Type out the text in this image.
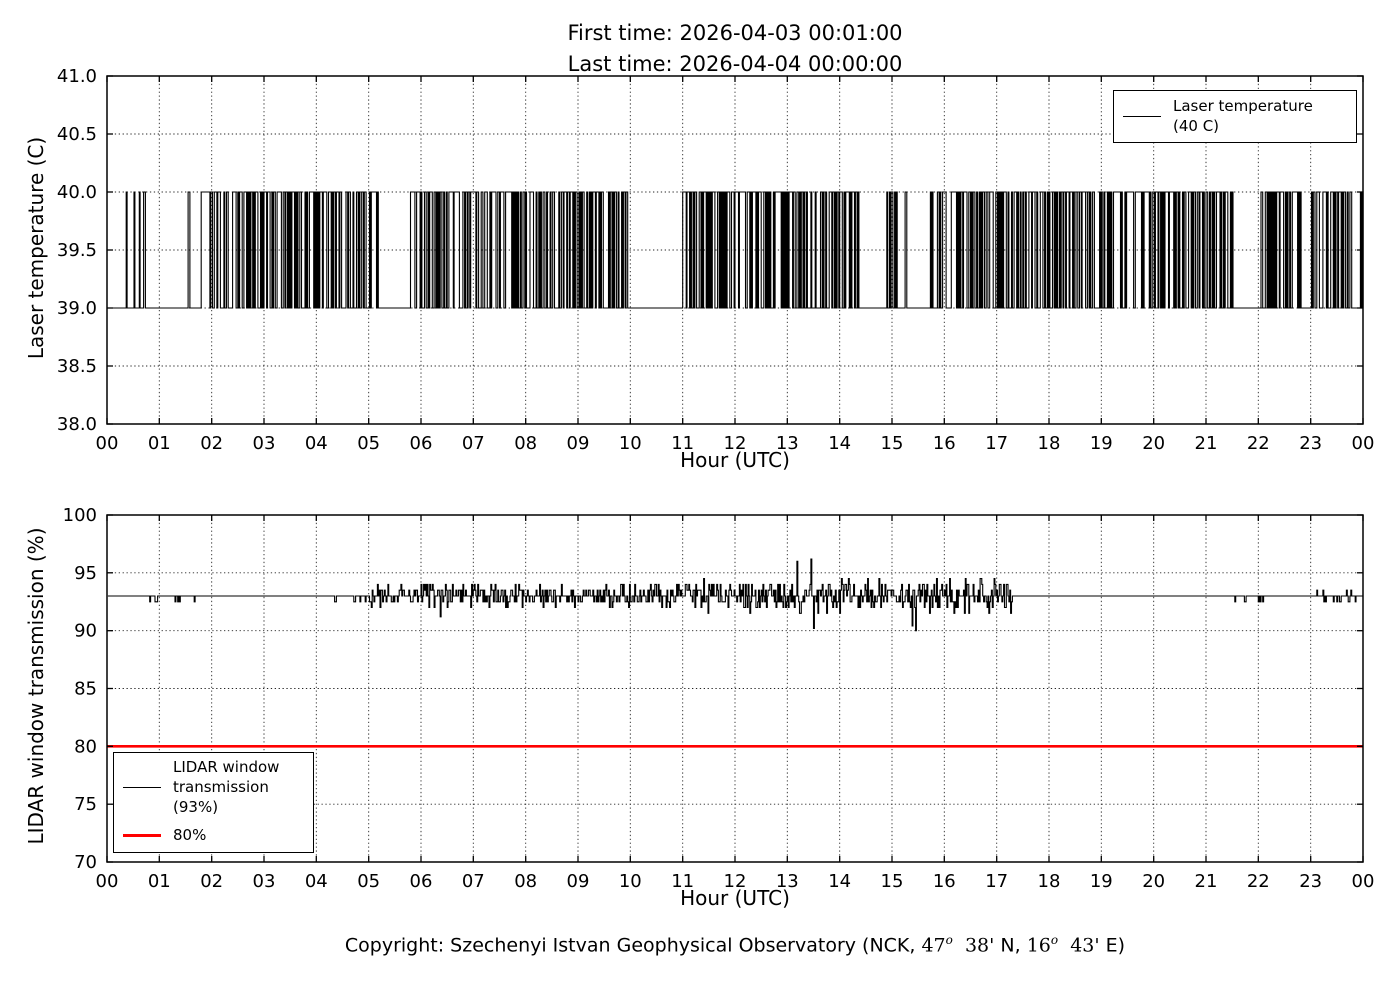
00 01 02 03 04 05 06 07 08 09 10 11 12 13 14 15 16 17 18 19 20 21 22 23 00
38.0
38.5
39.0
39.5
40.0
40.5
41.0
00 01 02 03 04 05 06 07 08 09 10 11 12 13 14 15 16 17 18 19 20 21 22 23 00
70
75
80
85
90
95
100
First time: 2026-04-03 00:01:00
Last time: 2026-04-04 00:00:00
Laser temperature (C)
Hour (UTC)
LIDAR window transmission (%)
Hour (UTC)
Laser temperature
(40 C)
LIDAR window
transmission
(93%)
80%
Copyright: Szechenyi Istvan Geophysical Observatory (NCK, 47$^o$  38' N, 16$^o$  43' E)
